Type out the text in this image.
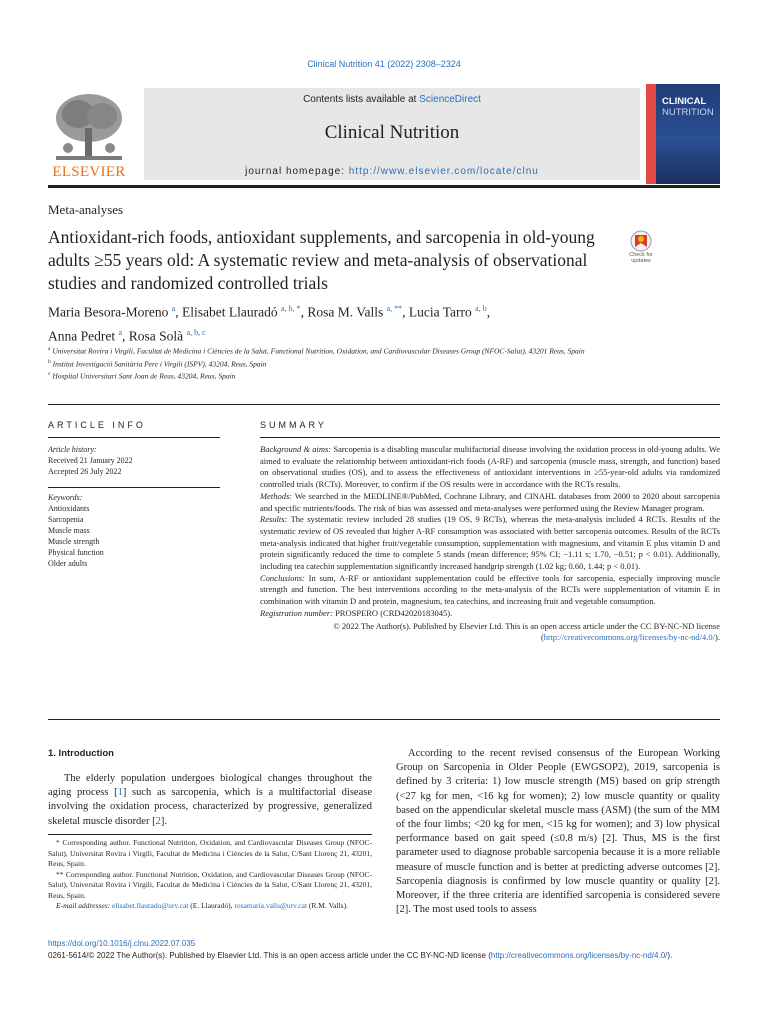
Clinical Nutrition 41 (2022) 2308–2324
ELSEVIER
Contents lists available at ScienceDirect
Clinical Nutrition
journal homepage: http://www.elsevier.com/locate/clnu
CLINICAL
NUTRITION
Meta-analyses
Antioxidant-rich foods, antioxidant supplements, and sarcopenia in old-young adults ≥55 years old: A systematic review and meta-analysis of observational studies and randomized controlled trials
Check for updates
Maria Besora-Moreno $^a$, Elisabet Llauradó $^{a, b, *}$, Rosa M. Valls $^{a, **}$, Lucia Tarro $^{a, b}$,
Anna Pedret $^a$, Rosa Solà $^{a, b, c}$
$^a$ Universitat Rovira i Virgili, Facultat de Medicina i Ciències de la Salut, Functional Nutrition, Oxidation, and Cardiovascular Diseases Group (NFOC-Salut), 43201 Reus, Spain
$^b$ Institut Investigació Sanitària Pere i Virgili (ISPV), 43204, Reus, Spain
$^c$ Hospital Universitari Sant Joan de Reus, 43204, Reus, Spain
ARTICLE INFO
Article history:
Received 21 January 2022
Accepted 26 July 2022
Keywords:
Antioxidants
Sarcopenia
Muscle mass
Muscle strength
Physical function
Older adults
SUMMARY

Background & aims: Sarcopenia is a disabling muscular multifactorial disease involving the oxidation process in old-young adults. We aimed to evaluate the relationship between antioxidant-rich foods (A-RF) and sarcopenia (muscle mass, strength, and function) based on observational studies (OS), and to assess the effectiveness of antioxidant interventions in ≥55-year-old adults via randomized controlled trials (RCTs). Moreover, to confirm if the OS results were in accordance with the RCTs results.

Methods: We searched in the MEDLINE®/PubMed, Cochrane Library, and CINAHL databases from 2000 to 2020 about sarcopenia and specific nutrients/foods. The risk of bias was assessed and meta-analyses were performed using the Review Manager program.

Results: The systematic review included 28 studies (19 OS, 9 RCTs), whereas the meta-analysis included 4 RCTs. Results of the systematic review of OS revealed that higher A-RF consumption was associated with better sarcopenia outcomes. Results of the RCTs meta-analysis indicated that higher fruit/vegetable consumption, supplementation with magnesium, and vitamin E plus vitamin D and protein significantly reduced the time to complete 5 stands (mean difference; 95% CI; −1.11 s; 1.70, −0.51; p < 0.01). Additionally, including tea catechin supplementation significantly increased handgrip strength (1.02 kg; 0.60, 1.44; p < 0.01).

Conclusions: In sum, A-RF or antioxidant supplementation could be effective tools for sarcopenia, especially improving muscle strength and function. The best interventions according to the meta-analysis of the RCTs were supplementation of vitamin E in combination with vitamin D and protein, magnesium, tea catechins, and increasing fruit and vegetable consumption.

Registration number: PROSPERO (CRD42020183045).

© 2022 The Author(s). Published by Elsevier Ltd. This is an open access article under the CC BY-NC-ND license (http://creativecommons.org/licenses/by-nc-nd/4.0/).

1. Introduction

The elderly population undergoes biological changes throughout the aging process [1] such as sarcopenia, which is a multifactorial disease involving the oxidation process, characterized by progressive, generalized skeletal muscle disorder [2].

* Corresponding author. Functional Nutrition, Oxidation, and Cardiovascular Diseases Group (NFOC-Salut), Universitat Rovira i Virgili, Facultat de Medicina i Ciències de la Salut, C/Sant Llorenç 21, 43201, Reus, Spain.

** Corresponding author. Functional Nutrition, Oxidation, and Cardiovascular Diseases Group (NFOC-Salut), Universitat Rovira i Virgili, Facultat de Medicina i Ciències de la Salut, C/Sant Llorenç 21, 43201, Reus, Spain.

E-mail addresses: elisabet.llaurado@urv.cat (E. Llauradó), rosamaria.valls@urv.cat (R.M. Valls).

According to the recent revised consensus of the European Working Group on Sarcopenia in Older People (EWGSOP2), 2019, sarcopenia is defined by 3 criteria: 1) low muscle strength (MS) based on grip strength (<27 kg for men, <16 kg for women); 2) low muscle quantity or quality based on the appendicular skeletal muscle mass (ASM) (the sum of the MM of the four limbs; <20 kg for men, <15 kg for women); and 3) low physical performance based on gait speed (≤0.8 m/s) [2]. Thus, MS is the first parameter used to diagnose probable sarcopenia because it is a more reliable measure of muscle function and is better at predicting adverse outcomes [2]. Sarcopenia diagnosis is confirmed by low muscle quantity or quality [2]. Moreover, if the three criteria are identified sarcopenia is considered severe [2]. The most used tools to assess

https://doi.org/10.1016/j.clnu.2022.07.035
0261-5614/© 2022 The Author(s). Published by Elsevier Ltd. This is an open access article under the CC BY-NC-ND license (http://creativecommons.org/licenses/by-nc-nd/4.0/).
